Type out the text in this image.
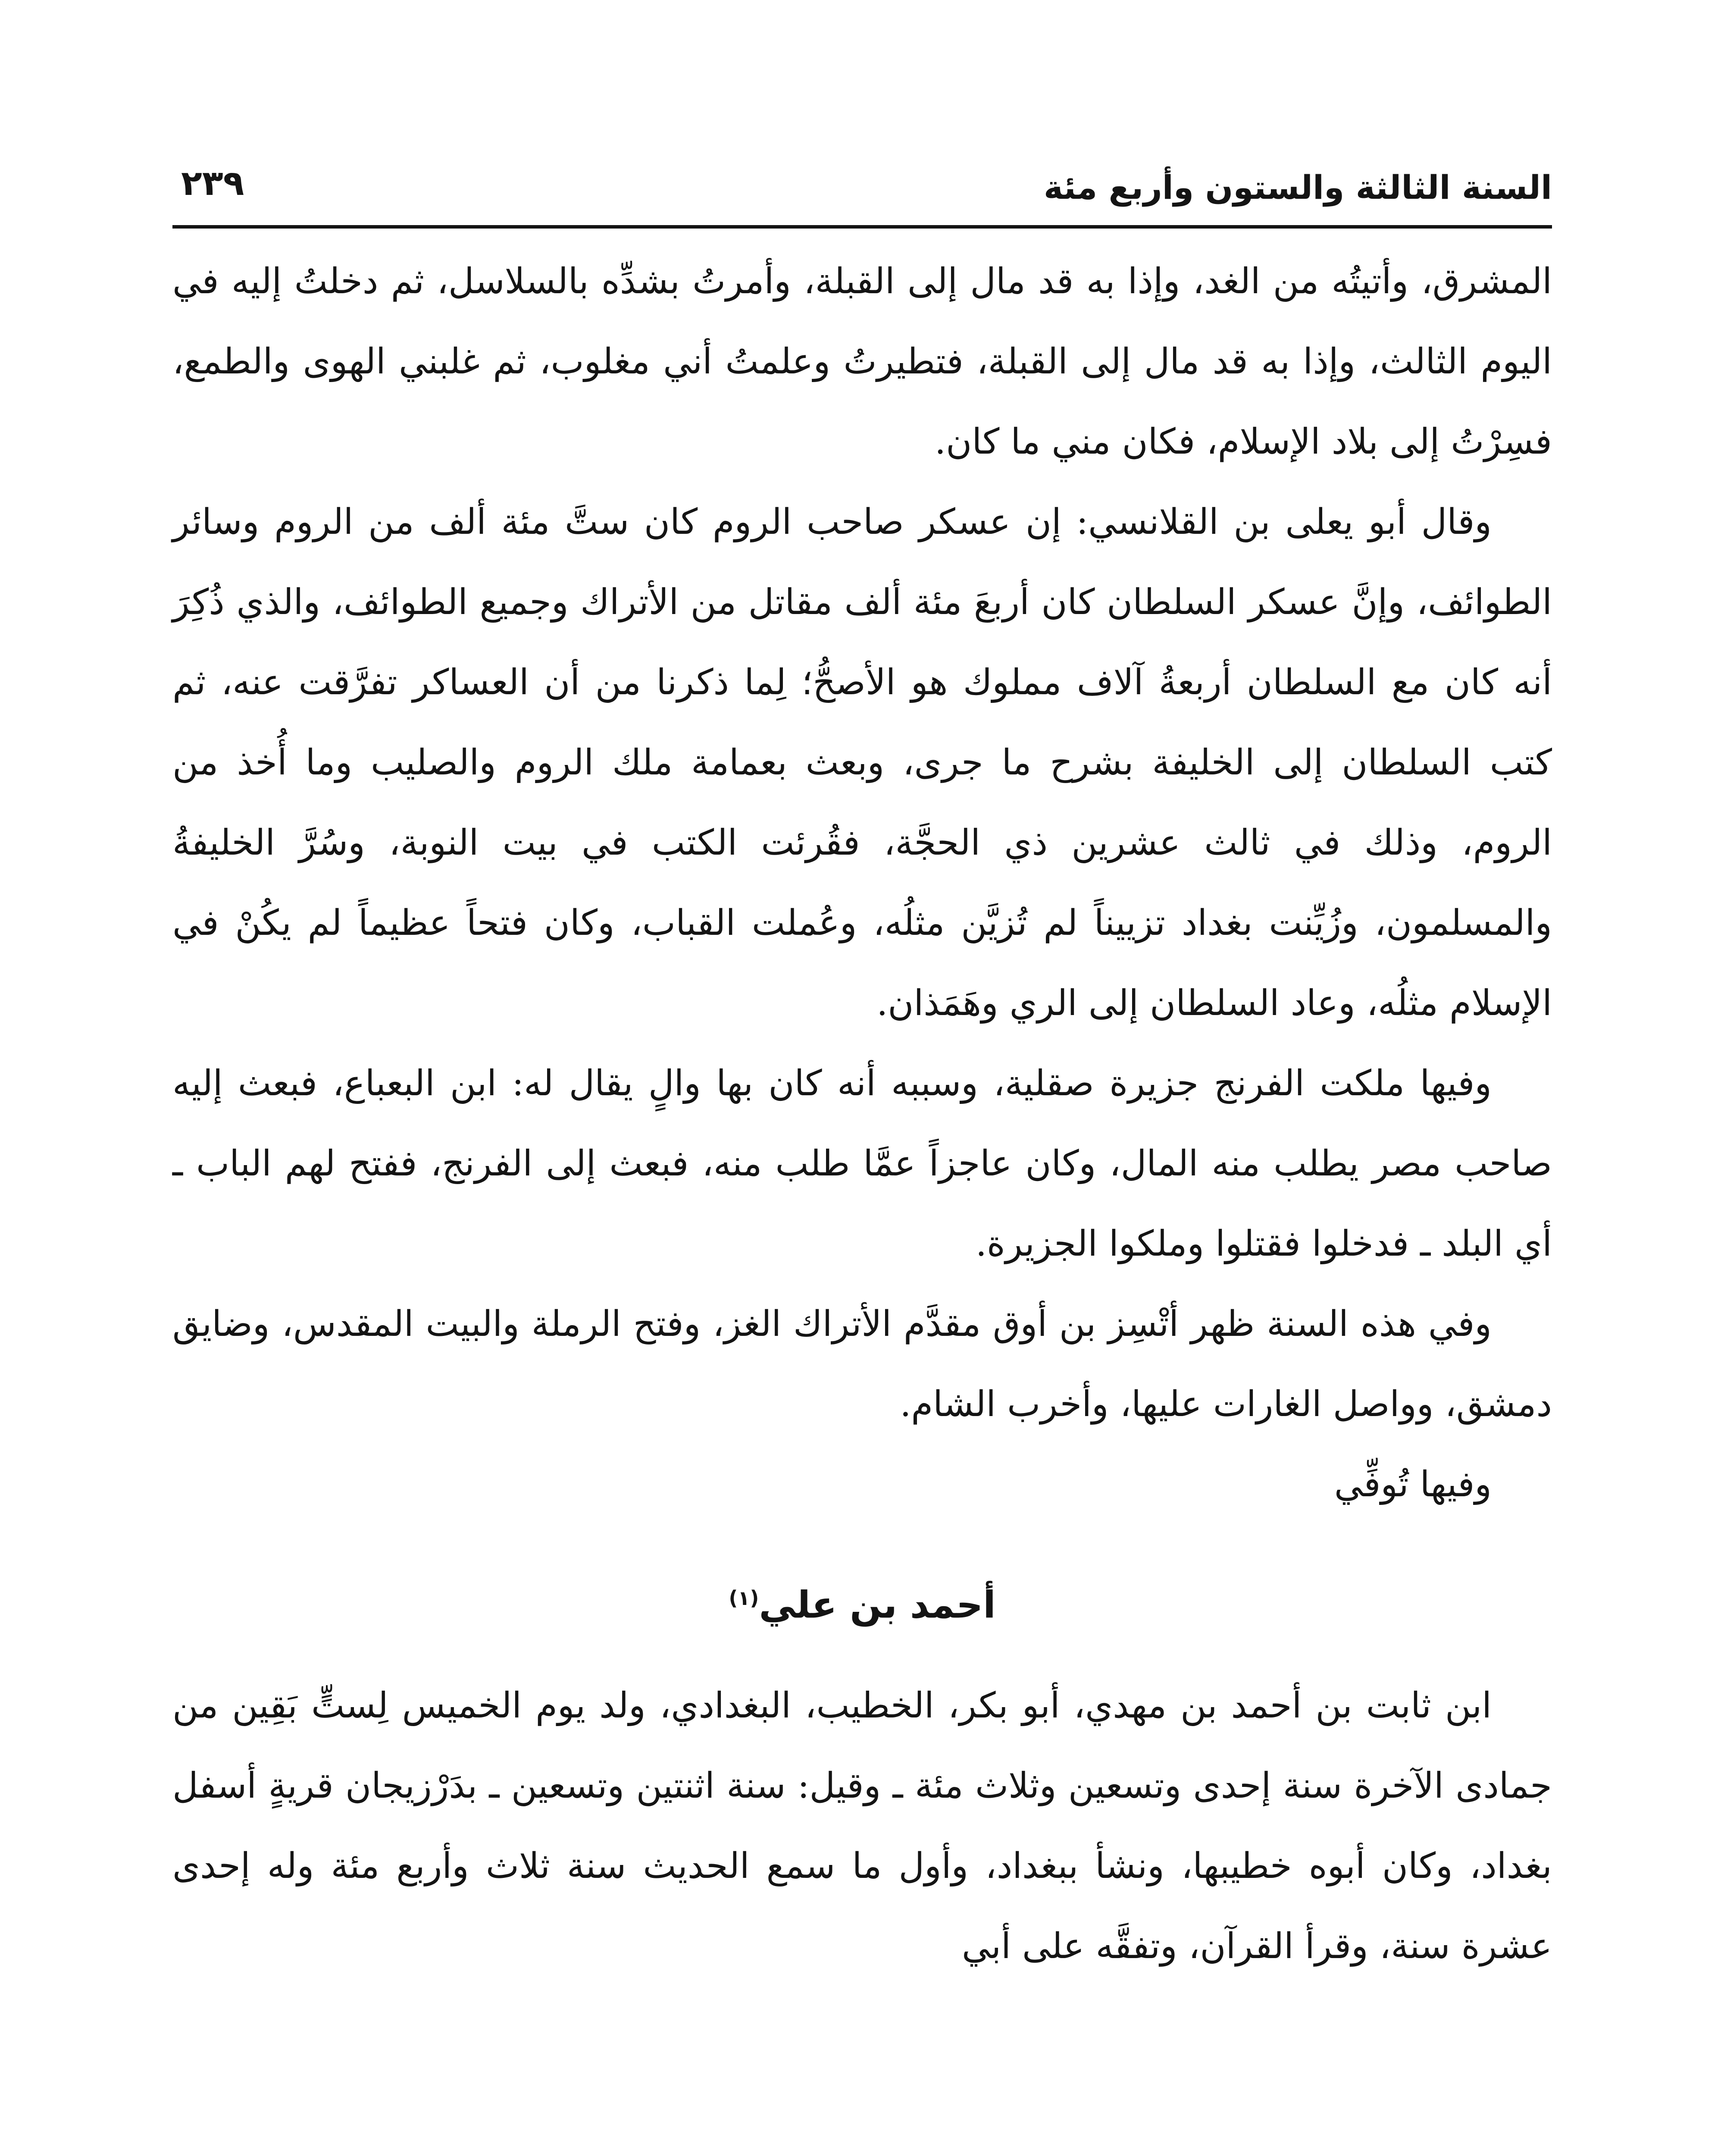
السنة الثالثة والستون وأربع مئة
٢٣٩

المشرق، وأتيتُه من الغد، وإذا به قد مال إلى القبلة، وأمرتُ بشدِّه بالسلاسل، ثم دخلتُ إليه في اليوم الثالث، وإذا به قد مال إلى القبلة، فتطيرتُ وعلمتُ أني مغلوب، ثم غلبني الهوى والطمع، فسِرْتُ إلى بلاد الإسلام، فكان مني ما كان.

وقال أبو يعلى بن القلانسي: إن عسكر صاحب الروم كان ستَّ مئة ألف من الروم وسائر الطوائف، وإنَّ عسكر السلطان كان أربعَ مئة ألف مقاتل من الأتراك وجميع الطوائف، والذي ذُكِرَ أنه كان مع السلطان أربعةُ آلاف مملوك هو الأصحُّ؛ لِما ذكرنا من أن العساكر تفرَّقت عنه، ثم كتب السلطان إلى الخليفة بشرح ما جرى، وبعث بعمامة ملك الروم والصليب وما أُخذ من الروم، وذلك في ثالث عشرين ذي الحجَّة، فقُرئت الكتب في بيت النوبة، وسُرَّ الخليفةُ والمسلمون، وزُيِّنت بغداد تزييناً لم تُزيَّن مثلُه، وعُملت القباب، وكان فتحاً عظيماً لم يكُنْ في الإسلام مثلُه، وعاد السلطان إلى الري وهَمَذان.

وفيها ملكت الفرنج جزيرة صقلية، وسببه أنه كان بها والٍ يقال له: ابن البعباع، فبعث إليه صاحب مصر يطلب منه المال، وكان عاجزاً عمَّا طلب منه، فبعث إلى الفرنج، ففتح لهم الباب ـ أي البلد ـ فدخلوا فقتلوا وملكوا الجزيرة.

وفي هذه السنة ظهر أتْسِز بن أوق مقدَّم الأتراك الغز، وفتح الرملة والبيت المقدس، وضايق دمشق، وواصل الغارات عليها، وأخرب الشام.

وفيها تُوفِّي

أحمد بن علي$^{(١)}$

ابن ثابت بن أحمد بن مهدي، أبو بكر، الخطيب، البغدادي، ولد يوم الخميس لِستٍّ بَقِين من جمادى الآخرة سنة إحدى وتسعين وثلاث مئة ـ وقيل: سنة اثنتين وتسعين ـ بدَرْزيجان قريةٍ أسفل بغداد، وكان أبوه خطيبها، ونشأ ببغداد، وأول ما سمع الحديث سنة ثلاث وأربع مئة وله إحدى عشرة سنة، وقرأ القرآن، وتفقَّه على أبي
